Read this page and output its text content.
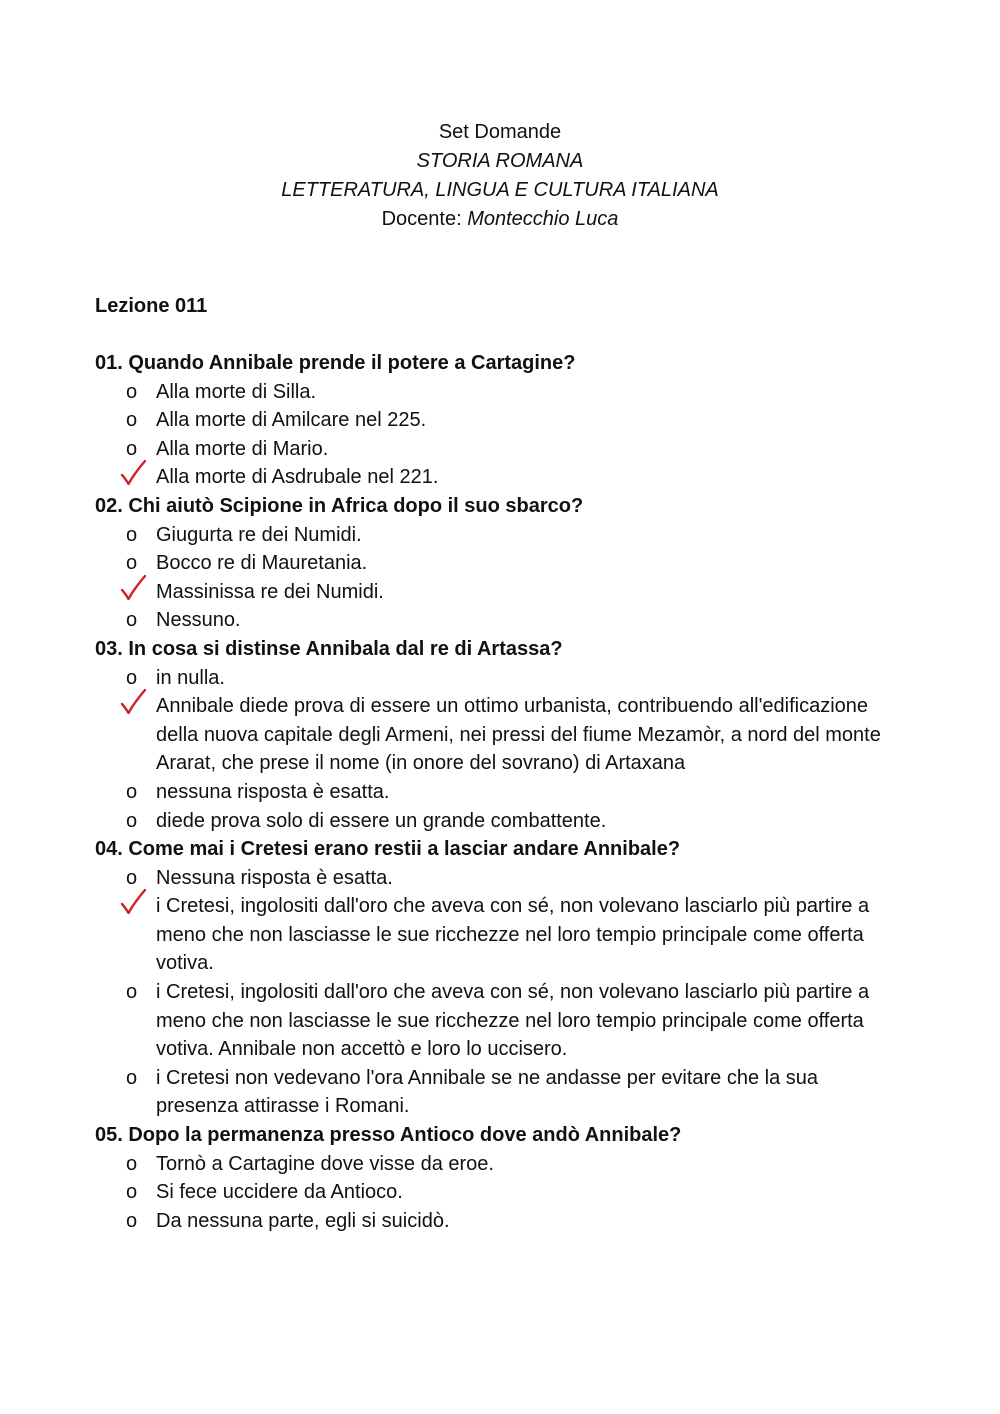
Set Domande
STORIA ROMANA
LETTERATURA, LINGUA E CULTURA ITALIANA
Docente: Montecchio Luca
Lezione 011
01. Quando Annibale prende il potere a Cartagine?
o Alla morte di Silla.
o Alla morte di Amilcare nel 225.
o Alla morte di Mario.
Alla morte di Asdrubale nel 221.
02. Chi aiutò Scipione in Africa dopo il suo sbarco?
o Giugurta re dei Numidi.
o Bocco re di Mauretania.
Massinissa re dei Numidi.
o Nessuno.
03. In cosa si distinse Annibala dal re di Artassa?
o in nulla.
Annibale diede prova di essere un ottimo urbanista, contribuendo all'edificazione della nuova capitale degli Armeni, nei pressi del fiume Mezamòr, a nord del monte Ararat, che prese il nome (in onore del sovrano) di Artaxana
o nessuna risposta è esatta.
o diede prova solo di essere un grande combattente.
04. Come mai i Cretesi erano restii a lasciar andare Annibale?
o Nessuna risposta è esatta.
i Cretesi, ingolositi dall'oro che aveva con sé, non volevano lasciarlo più partire a meno che non lasciasse le sue ricchezze nel loro tempio principale come offerta votiva.
o i Cretesi, ingolositi dall'oro che aveva con sé, non volevano lasciarlo più partire a meno che non lasciasse le sue ricchezze nel loro tempio principale come offerta votiva. Annibale non accettò e loro lo uccisero.
o i Cretesi non vedevano l'ora Annibale se ne andasse per evitare che la sua presenza attirasse i Romani.
05. Dopo la permanenza presso Antioco dove andò Annibale?
o Tornò a Cartagine dove visse da eroe.
o Si fece uccidere da Antioco.
o Da nessuna parte, egli si suicidò.
